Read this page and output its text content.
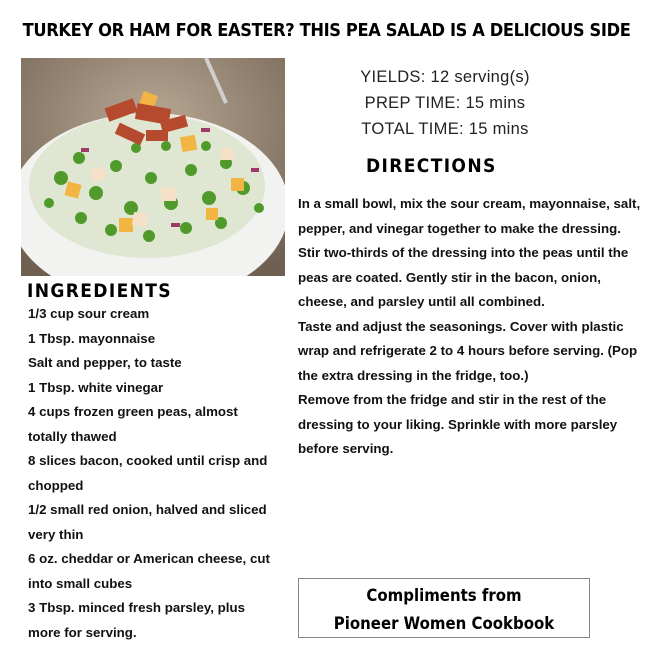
TURKEY OR HAM FOR EASTER? THIS PEA SALAD IS A DELICIOUS SIDE
YIELDS: 12 serving(s)
PREP TIME: 15 mins
TOTAL TIME: 15 mins
DIRECTIONS

In a small bowl, mix the sour cream, mayonnaise, salt, pepper, and vinegar together to make the dressing.

Stir two-thirds of the dressing into the peas until the peas are coated. Gently stir in the bacon, onion, cheese, and parsley until all combined.

Taste and adjust the seasonings. Cover with plastic wrap and refrigerate 2 to 4 hours before serving. (Pop the extra dressing in the fridge, too.)

Remove from the fridge and stir in the rest of the dressing to your liking. Sprinkle with more parsley before serving.

INGREDIENTS
1/3 cup sour cream
1 Tbsp. mayonnaise
Salt and pepper, to taste
1 Tbsp. white vinegar
4 cups frozen green peas, almost totally thawed
8 slices bacon, cooked until crisp and chopped
1/2 small red onion, halved and sliced very thin
6 oz. cheddar or American cheese, cut into small cubes
3 Tbsp. minced fresh parsley, plus more for serving.
Compliments from
Pioneer Women Cookbook
